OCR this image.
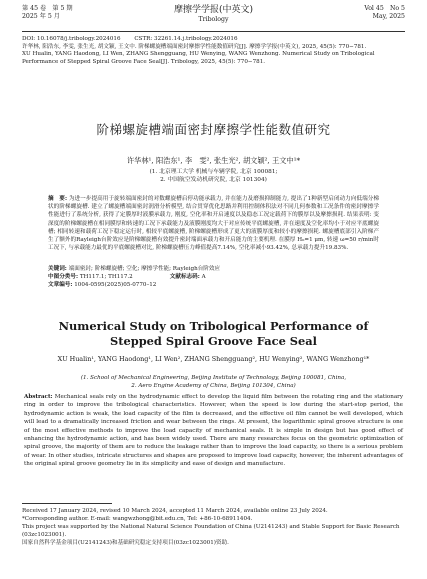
第 45 卷　第 5 期
2025 年 5 月
摩擦学学报(中英文)
Tribology
Vol 45　No 5
May, 2025
DOI: 10.16078/j.tribology.2024016 CSTR: 32261.14.j.tribology.2024016
许华林, 阳浩东, 李雯, 张生光, 胡文颖, 王文中. 阶梯螺旋槽端面密封摩擦学性能数值研究[J]. 摩擦学学报(中英文), 2025, 45(5): 770−781.
XU Hualin, YANG Haodong, LI Wen, ZHANG Shengguang, HU Wenying, WANG Wenzhong. Numerical Study on Tribological Performance of Stepped Spiral Groove Face Seal[J]. Tribology, 2025, 45(5): 770−781.
阶梯螺旋槽端面密封摩擦学性能数值研究
许华林¹, 阳浩东¹, 李　雯², 张生光², 胡文颖², 王文中¹*
(1. 北京理工大学 机械与车辆学院, 北京 100081;
2. 中国航空发动机研究院, 北京 101304)
摘　要: 为进一步提高用于旋转端面密封的对数螺旋槽启停功能承载力, 并在能力及磨损抑制能力, 提出了1种新型启闭动力向低端分梯状的阶梯螺旋槽. 建立了螺旋槽端面密封润滑分析模型, 结合贯穿优化思路并利用控制体积法对不同几何参数和工况条件的密封摩擦学性能进行了系统分析, 获得了定膜厚时液膜承载力, 刚度, 空化率和开启速度以及稳态工况定载荷下的膜厚以及摩擦损耗. 结果表明: 变深度的阶梯螺旋槽在相同膜厚和转速的工况下承载能力及液膜刚度均大于对应传统平底螺旋槽, 并在速度及空化率均小于对应平底螺旋槽; 相同转速和载荷工况下稳定运行时, 相较平底螺旋槽, 阶梯螺旋槽形成了更大的液膜厚度和较小的摩擦损耗. 螺旋槽底部引入阶梯产生了额外的Rayleigh台阶效应是阶梯螺旋槽有效提升密封端面承载力和开启能力的主要机理. 在膜厚 H₀=1 μm, 转速 ω=50 r/min时工况下, 与承载能力最优的平底螺旋槽对比, 阶梯螺旋槽压力峰值提高7.14%, 空化率减小93.42%, 总承载力提升19.83%.
关键词: 端面密封; 阶梯螺旋槽; 空化; 摩擦学性能; Rayleigh台阶效应
中图分类号: TH117.1; TH117.2	文献标志码: A 文章编号: 1004-0595(2025)05-0770–12
Numerical Study on Tribological Performance of
Stepped Spiral Groove Face Seal
XU Hualin¹, YANG Haodong¹, LI Wen², ZHANG Shengguang², HU Wenying², WANG Wenzhong¹*
(1. School of Mechanical Engineering, Beijing Institute of Technology, Beijing 100081, China,
2. Aero Engine Academy of China, Beijing 101304, China)
Abstract: Mechanical seals rely on the hydrodynamic effect to develop the liquid film between the rotating ring and the stationary ring in order to improve the tribological characteristics. However, when the speed is low during the start-stop period, the hydrodynamic action is weak, the load capacity of the film is decreased, and the effective oil film cannot be well developed, which will lead to a dramatically increased friction and wear between the rings. At present, the logarithmic spiral groove structure is one of the most effective methods to improve the load capacity of mechanical seals. It is simple in design but has good effect of enhancing the hydrodynamic action, and has been widely used. There are many researches focus on the geometric optimization of spiral groove, the majority of them are to reduce the leakage rather than to improve the load capacity, so there is a serious problem of wear. In other studies, intricate structures and shapes are proposed to improve load capacity, however, the inherent advantages of the original spiral groove geometry lie in its simplicity and ease of design and manufacture.
Received 17 January 2024, revised 10 March 2024, accepted 11 March 2024, available online 23 July 2024.
*Corresponding author. E-mail: wangwzhong@bit.edu.cn, Tel: +86-10-68911404.
This project was supported by the National Natural Science Foundation of China (U2141243) and Stable Support for Basic Research (03zc1023001).
国家自然科学基金项目(U2141243)和基础研究稳定支持项目(03zc1023001)资助.
